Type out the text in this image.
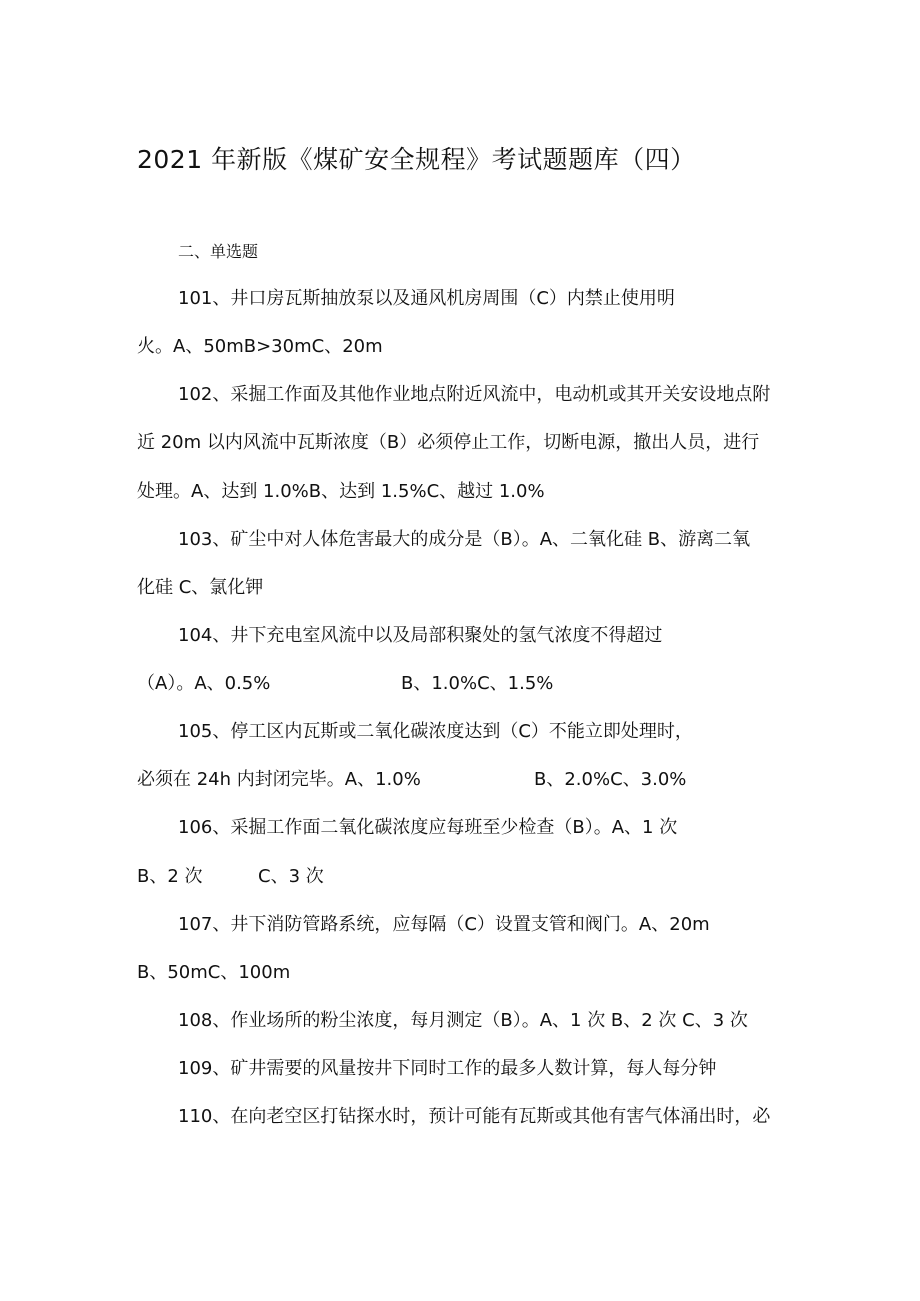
2021 年新版《煤矿安全规程》考试题题库（四）
二、单选题
101、井口房瓦斯抽放泵以及通风机房周围（C）内禁止使用明
火。A、50mB>30mC、20m
102、采掘工作面及其他作业地点附近风流中，电动机或其开关安设地点附
近 20m 以内风流中瓦斯浓度（B）必须停止工作，切断电源，撤出人员，进行
处理。A、达到 1.0%B、达到 1.5%C、越过 1.0%
103、矿尘中对人体危害最大的成分是（B）。A、二氧化硅 B、游离二氧
化硅 C、氯化钾
104、井下充电室风流中以及局部积聚处的氢气浓度不得超过
（A）。A、0.5%	B、1.0%C、1.5%
105、停工区内瓦斯或二氧化碳浓度达到（C）不能立即处理时，
必须在 24h 内封闭完毕。A、1.0%	B、2.0%C、3.0%
106、采掘工作面二氧化碳浓度应每班至少检查（B）。A、1 次
B、2 次	C、3 次
107、井下消防管路系统，应每隔（C）设置支管和阀门。A、20m
B、50mC、100m
108、作业场所的粉尘浓度，每月测定（B）。A、1 次 B、2 次 C、3 次
109、矿井需要的风量按井下同时工作的最多人数计算，每人每分钟
110、在向老空区打钻探水时，预计可能有瓦斯或其他有害气体涌出时，必
